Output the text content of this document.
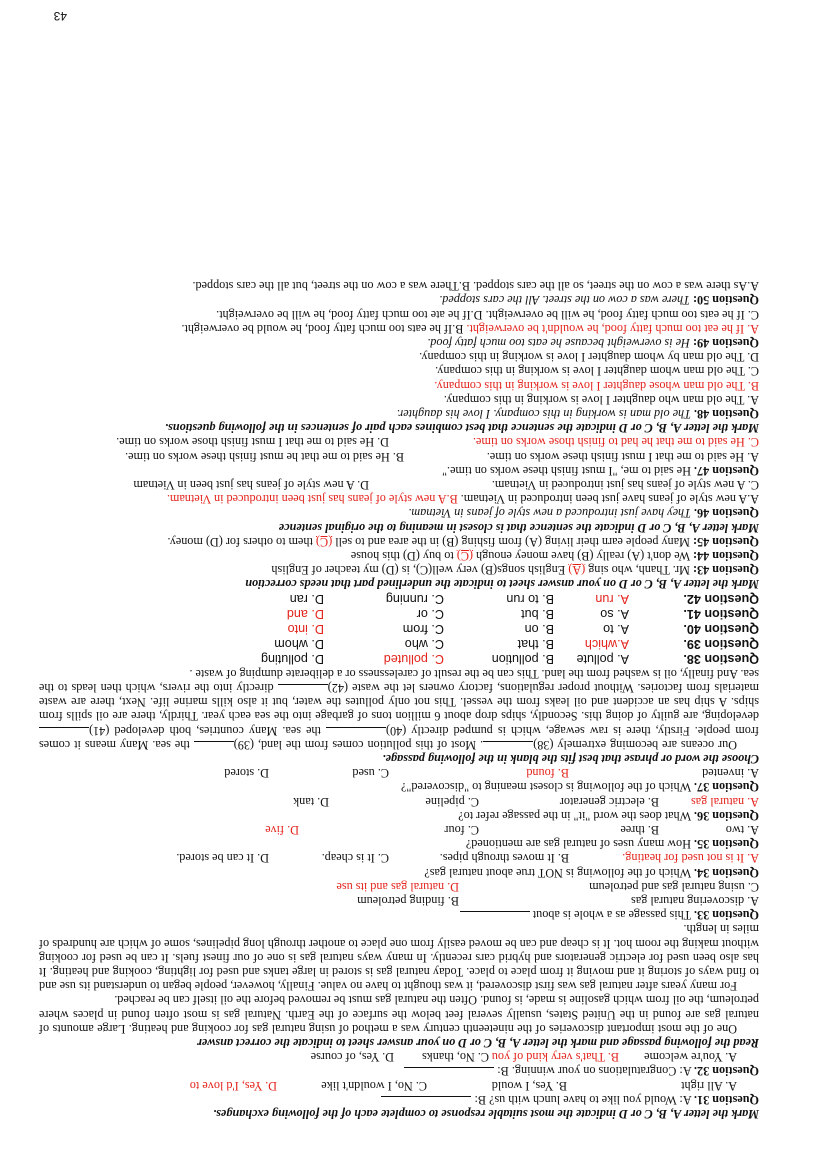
Mark the letter A, B, C or D indicate the most suitable response to complete each of the following exchanges.
Question 31. A: Would you like to have lunch with us? B:
A. All right
B. Yes, I would
C. No, I wouldn't like
D. Yes, I'd love to
Question 32. A: Congratulations on your winning. B:
A. You're welcome
B. That's very kind of you
C. No, thanks
D. Yes, of course
Read the following passage and mark the letter A, B, C or D on your answer sheet to indicate the correct answer
One of the most important discoveries of the nineteenth century was a method of using natural gas for cooking and heating. Large amounts of natural gas are found in the United States, usually several feet below the surface of the Earth. Natural gas is most often found in places where petroleum, the oil from which gasoline is made, is found. Often the natural gas must be removed before the oil itself can be reached.
For many years after natural gas was first discovered, it was thought to have no value. Finally, however, people began to understand its use and to find ways of storing it and moving it from place to place. Today natural gas is stored in large tanks and used for lighting, cooking and heating. It has also been used for electric generators and hybrid cars recently. In many ways natural gas is one of our finest fuels. It can be used for cooking without making the room hot. It is cheap and can be moved easily from one place to another through long pipelines, some of which are hundreds of miles in length.
Question 33. This passage as a whole is about
A. discovering natural gas
B. finding petroleum
C. using natural gas and petroleum
D. natural gas and its use
Question 34. Which of the following is NOT true about natural gas?
A. It is not used for heating.
B. It moves through pipes.
C. It is cheap.
D. It can be stored.
Question 35. How many uses of natural gas are mentioned?
A. two
B. three
C. four
D. five
Question 36. What does the word "it" in the passage refer to?
A. natural gas
B. electric generator
C. pipeline
D. tank
Question 37. Which of the following is closest meaning to "discovered"?
A. invented
B. found
C. used
D. stored
Choose the word or phrase that best fits the blank in the following passage.
Our oceans are becoming extremely (38). Most of this pollution comes from the land, (39) the sea. Many means it comes from people. Firstly, there is raw sewage, which is pumped directly (40) the sea. Many countries, both developed (41) developing, are guilty of doing this. Secondly, ships drop about 6 million tons of garbage into the sea each year. Thirdly, there are oil spills from ships. A ship has an accident and oil leaks from the vessel. This not only pollutes the water, but it also kills marine life. Next, there are waste materials from factories. Without proper regulations, factory owners let the waste (42) directly into the rivers, which then leads to the sea. And finally, oil is washed from the land. This can be the result of carelessness or a deliberate dumping of waste .
Question 38.
A. pollute
B. pollution
C. polluted
D. polluting
Question 39.
A.which
B. that
C. who
D. whom
Question 40.
A. to
B. on
C. from
D. into
Question 41.
A. so
B. but
C. or
D. and
Question 42.
A. run
B. to run
C. running
D. ran
Mark the letter A, B, C or D on your answer sheet to indicate the underlined part that needs correction
Question 43: Mr. Thanh, who sing (A) English songs(B) very well(C), is (D) my teacher of English
Question 44: We don't (A) really (B) have money enough (C) to buy (D) this house
Question 45: Many people earn their living (A) from fishing (B) in the area and to sell (C) them to others for (D) money.
Mark letter A, B, C or D indicate the sentence that is closest in meaning to the original sentence
Question 46. They have just introduced a new style of jeans in Vietnam.
A.A new style of jeans have just been introduced in Vietnam. B.A new style of jeans has just been introduced in Vietnam.
C. A new style of jeans has just introduced in Vietnam.
D. A new style of jeans has just been in Vietnam
Question 47. He said to me, "I must finish these works on time."
A. He said to me that I must finish these works on time.
B. He said to me that he must finish these works on time.
C. He said to me that he had to finish those works on time.
D. He said to me that I must finish those works on time.
Mark the letter A, B, C or D indicate the sentence that best combines each pair of sentences in the following questions.
Question 48. The old man is working in this company. I love his daughter.
A. The old man who daughter I love is working in this company.
B. The old man whose daughter I love is working in this company.
C. The old man whom daughter I love is working in this company.
D. The old man by whom daughter I love is working in this company.
Question 49: He is overweight because he eats too much fatty food.
A. If he eat too much fatty food, he wouldn't be overweight. B.If he eats too much fatty food, he would be overweight.
C. If he eats too much fatty food, he will be overweight. D.If he ate too much fatty food, he will be overweight.
Question 50: There was a cow on the street. All the cars stopped.
A.As there was a cow on the street, so all the cars stopped. B.There was a cow on the street, but all the cars stopped.
43
